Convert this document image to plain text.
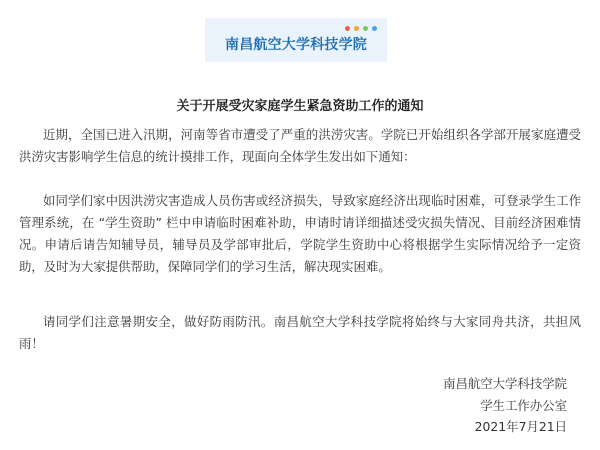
南昌航空大学科技学院
关于开展受灾家庭学生紧急资助工作的通知

近期，全国已进入汛期，河南等省市遭受了严重的洪涝灾害。学院已开始组织各学部开展家庭遭受洪涝灾害影响学生信息的统计摸排工作，现面向全体学生发出如下通知：

如同学们家中因洪涝灾害造成人员伤害或经济损失，导致家庭经济出现临时困难，可登录学生工作管理系统，在 “学生资助” 栏中申请临时困难补助，申请时请详细描述受灾损失情况、目前经济困难情况。申请后请告知辅导员，辅导员及学部审批后，学院学生资助中心将根据学生实际情况给予一定资助，及时为大家提供帮助，保障同学们的学习生活，解决现实困难。

请同学们注意暑期安全，做好防雨防汛。南昌航空大学科技学院将始终与大家同舟共济，共担风雨！

南昌航空大学科技学院
学生工作办公室
2021年7月21日
